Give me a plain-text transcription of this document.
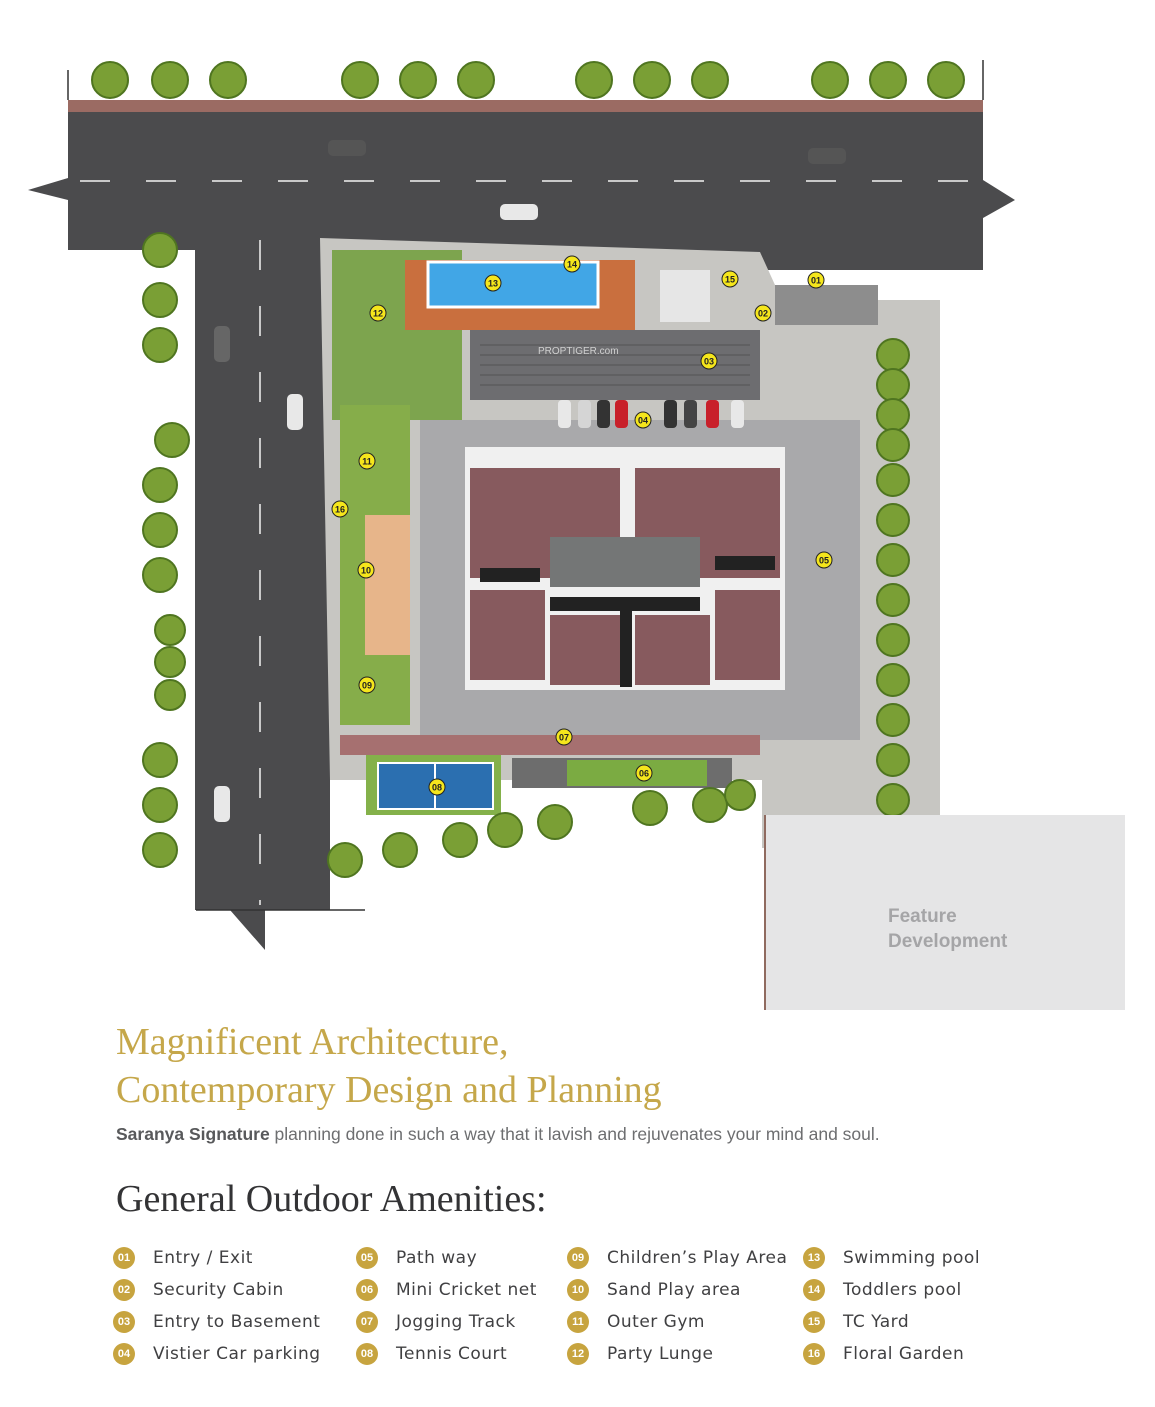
PROPTIGER.com
01
02
03
04
05
06
07
08
09
10
11
12
13
14
15
16
Feature
Development
Magnificent Architecture,
Contemporary Design and Planning
Saranya Signature planning done in such a way that it lavish and rejuvenates your mind and soul.
General Outdoor Amenities:
01 Entry / Exit
02 Security Cabin
03 Entry to Basement
04 Vistier Car parking
05 Path way
06 Mini Cricket net
07 Jogging Track
08 Tennis Court
09 Children’s Play Area
10 Sand Play area
11	Outer Gym
12 Party Lunge
13 Swimming pool
14 Toddlers pool
15 TC Yard
16 Floral Garden
